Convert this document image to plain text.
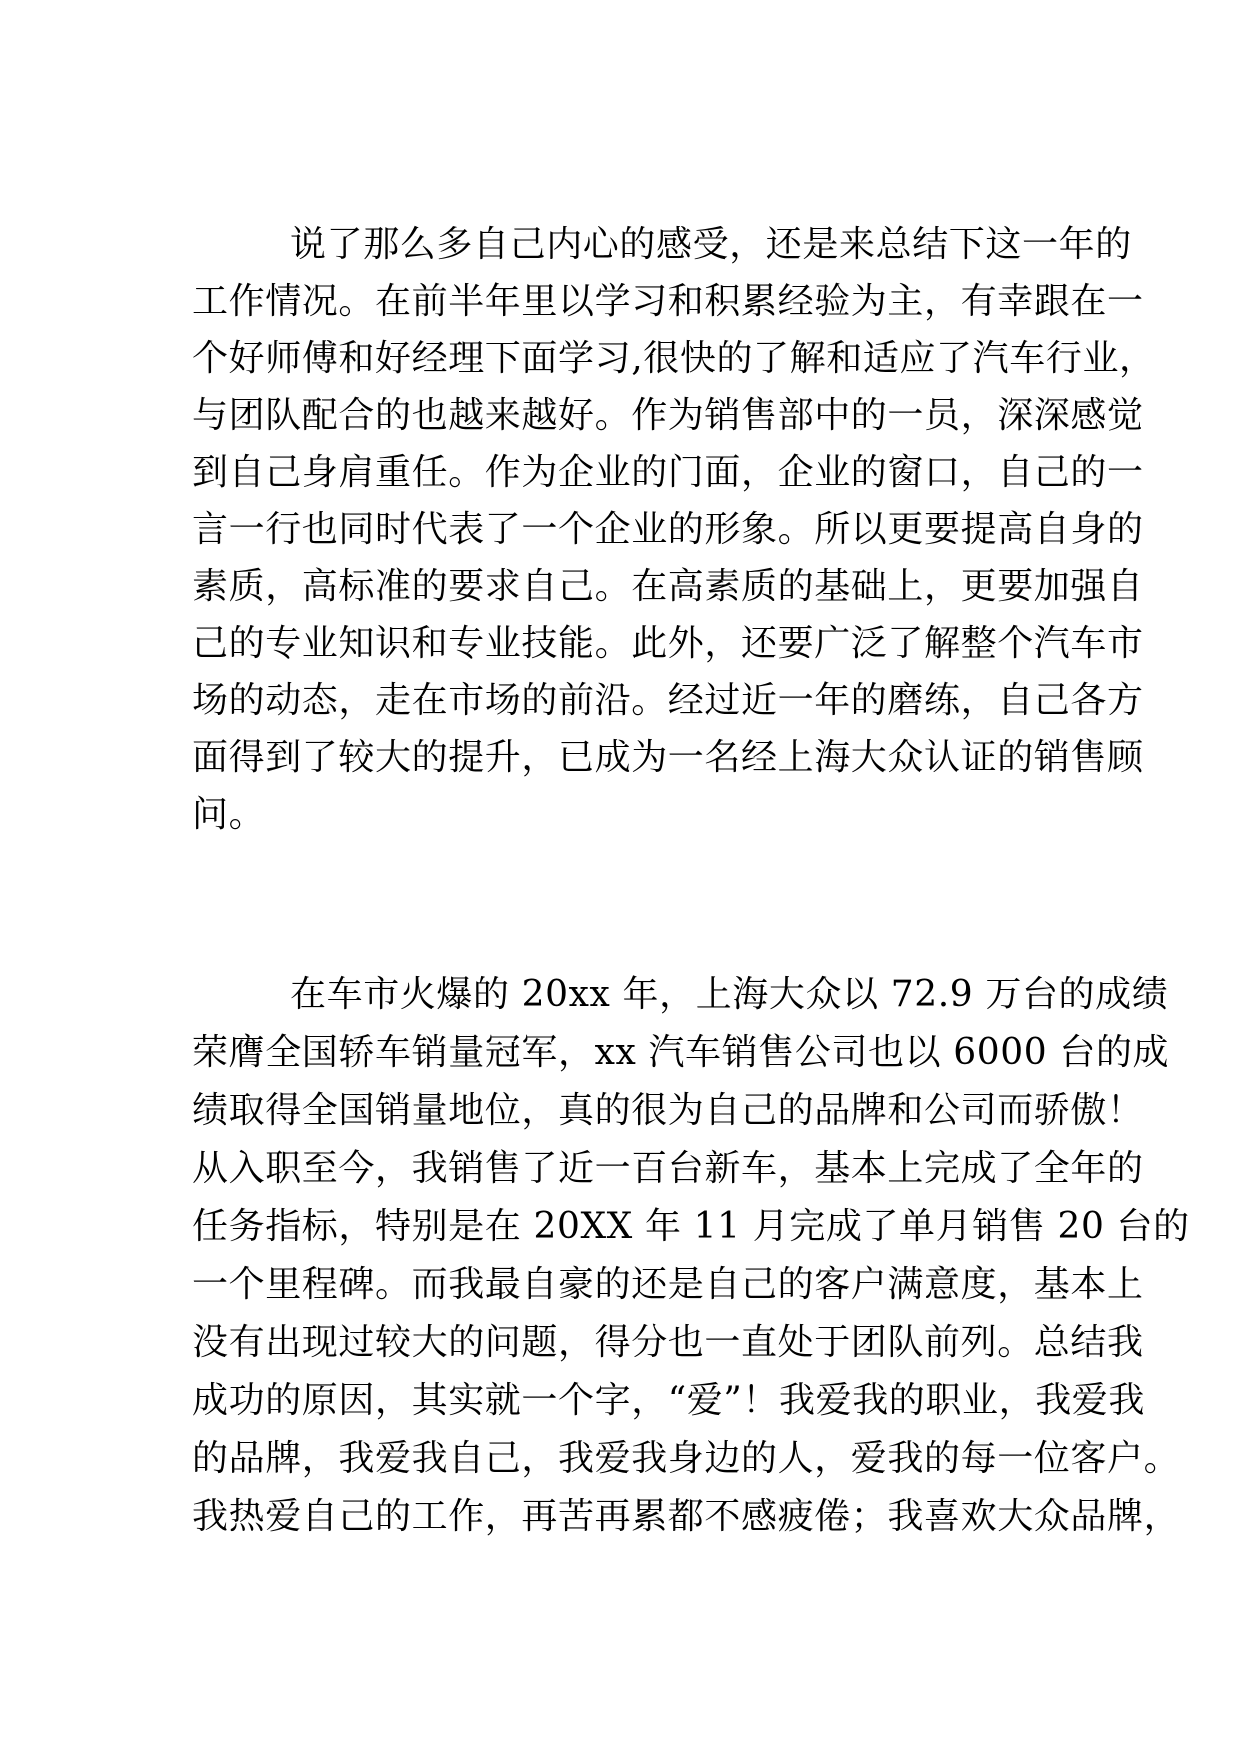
说了那么多自己内心的感受，还是来总结下这一年的
工作情况。在前半年里以学习和积累经验为主，有幸跟在一
个好师傅和好经理下面学习,很快的了解和适应了汽车行业，
与团队配合的也越来越好。作为销售部中的一员，深深感觉
到自己身肩重任。作为企业的门面，企业的窗口，自己的一
言一行也同时代表了一个企业的形象。所以更要提高自身的
素质，高标准的要求自己。在高素质的基础上，更要加强自
己的专业知识和专业技能。此外，还要广泛了解整个汽车市
场的动态，走在市场的前沿。经过近一年的磨练，自己各方
面得到了较大的提升，已成为一名经上海大众认证的销售顾
问。
在车市火爆的 20xx 年，上海大众以 72.9 万台的成绩
荣膺全国轿车销量冠军，xx 汽车销售公司也以 6000 台的成
绩取得全国销量地位，真的很为自己的品牌和公司而骄傲！
从入职至今，我销售了近一百台新车，基本上完成了全年的
任务指标，特别是在 20XX 年 11 月完成了单月销售 20 台的
一个里程碑。而我最自豪的还是自己的客户满意度，基本上
没有出现过较大的问题，得分也一直处于团队前列。总结我
成功的原因，其实就一个字，“爱”！我爱我的职业，我爱我
的品牌，我爱我自己，我爱我身边的人，爱我的每一位客户。
我热爱自己的工作，再苦再累都不感疲倦；我喜欢大众品牌，
